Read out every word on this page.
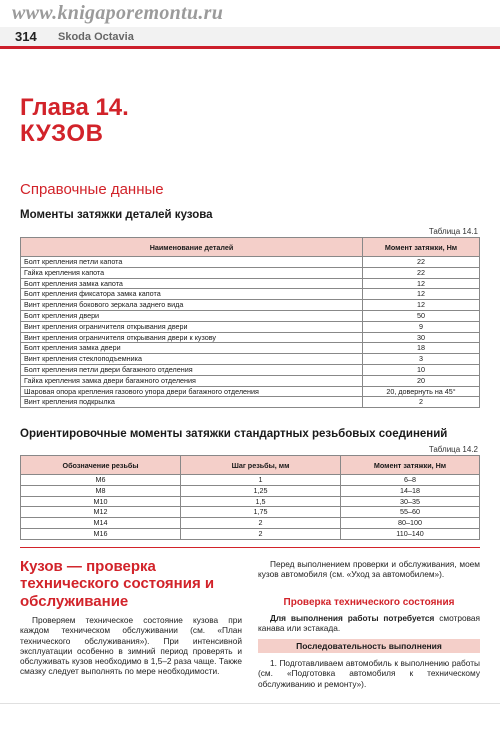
www.knigaporemontu.ru
314 Skoda Octavia
Глава 14.
КУЗОВ
Справочные данные
Моменты затяжки деталей кузова
Таблица 14.1
Наименование деталей	Момент затяжки, Нм
Болт крепления петли капота	22
Гайка крепления капота	22
Болт крепления замка капота	12
Болт крепления фиксатора замка капота	12
Винт крепления бокового зеркала заднего вида	12
Болт крепления двери	50
Винт крепления ограничителя открывания двери	9
Винт крепления ограничителя открывания двери к кузову	30
Болт крепления замка двери	18
Винт крепления стеклоподъемника	3
Болт крепления петли двери багажного отделения	10
Гайка крепления замка двери багажного отделения	20
Шаровая опора крепления газового упора двери багажного отделения	20, довернуть на 45°
Винт крепления подкрылка	2
Ориентировочные моменты затяжки стандартных резьбовых соединений
Таблица 14.2
Обозначение резьбы	Шаг резьбы, мм	Момент затяжки, Нм
M6	1	6–8
M8	1,25	14–18
M10	1,5	30–35
M12	1,75	55–60
M14	2	80–100
M16	2	110–140
Кузов — проверка технического состояния и обслуживание

Проверяем техническое состояние кузова при каждом техническом обслуживании (см. «План технического обслуживания»). При интенсивной эксплуатации особенно в зимний период проверять и обслуживать кузов необходимо в 1,5–2 раза чаще. Также смазку следует выполнять по мере необходимости.

Перед выполнением проверки и обслуживания, моем кузов автомобиля (см. «Уход за автомобилем»).

Проверка технического состояния

Для выполнения работы потребуется смотровая канава или эстакада.

Последовательность выполнения

1. Подготавливаем автомобиль к выполнению работы (см. «Подготовка автомобиля к техническому обслуживанию и ремонту»).
